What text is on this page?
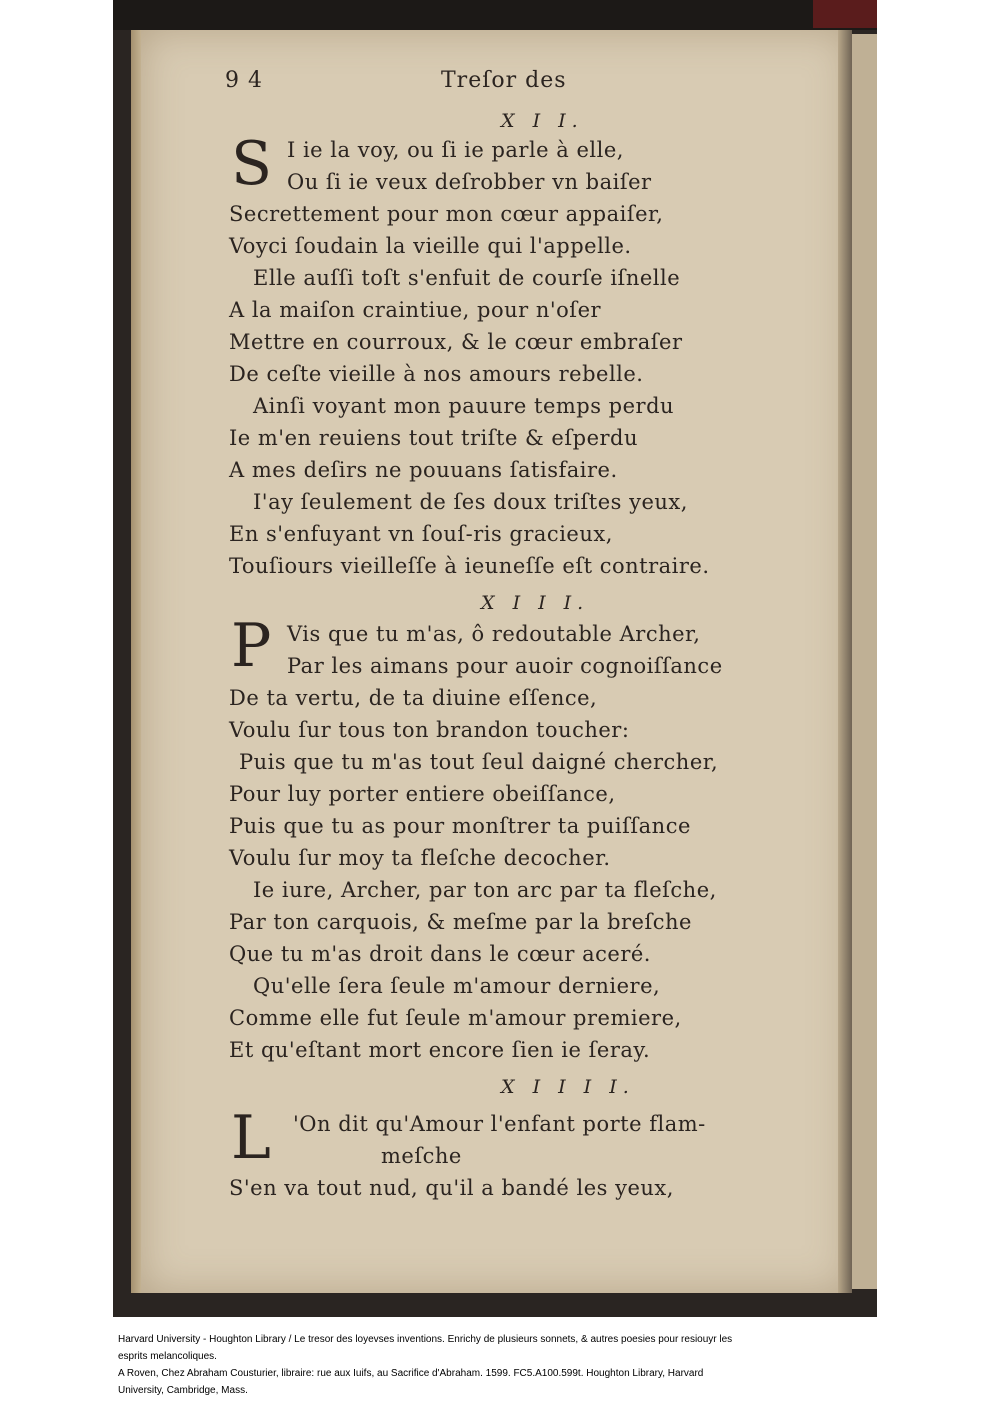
9 4	Treſor des
X I I.
S I ie la voy, ou ſi ie parle à elle,
Ou ſi ie veux deſrobber vn baiſer
Secrettement pour mon cœur appaiſer,
Voyci ſoudain la vieille qui l'appelle.
Elle auſſi toſt s'enfuit de courſe iſnelle
A la maiſon craintiue, pour n'oſer
Mettre en courroux, & le cœur embraſer
De ceſte vieille à nos amours rebelle.
Ainſi voyant mon pauure temps perdu
Ie m'en reuiens tout triſte & eſperdu
A mes deſirs ne pouuans ſatisfaire.
I'ay ſeulement de ſes doux triſtes yeux,
En s'enfuyant vn ſouſ-ris gracieux,
Touſiours vieilleſſe à ieuneſſe eſt contraire.
X I I I.
P Vis que tu m'as, ô redoutable Archer,
Par les aimans pour auoir cognoiſſance
De ta vertu, de ta diuine eſſence,
Voulu ſur tous ton brandon toucher:
Puis que tu m'as tout ſeul daigné chercher,
Pour luy porter entiere obeiſſance,
Puis que tu as pour monſtrer ta puiſſance
Voulu ſur moy ta fleſche decocher.
Ie iure, Archer, par ton arc par ta fleſche,
Par ton carquois, & meſme par la breſche
Que tu m'as droit dans le cœur aceré.
Qu'elle ſera ſeule m'amour derniere,
Comme elle fut ſeule m'amour premiere,
Et qu'eſtant mort encore ſien ie ſeray.
X I I I I.
L 'On dit qu'Amour l'enfant porte flam-
meſche
S'en va tout nud, qu'il a bandé les yeux,
Harvard University - Houghton Library / Le tresor des loyevses inventions. Enrichy de plusieurs sonnets, & autres poesies pour resiouyr les
esprits melancoliques.
A Roven, Chez Abraham Cousturier, libraire: rue aux Iuifs, au Sacrifice d'Abraham. 1599. FC5.A100.599t. Houghton Library, Harvard
University, Cambridge, Mass.
